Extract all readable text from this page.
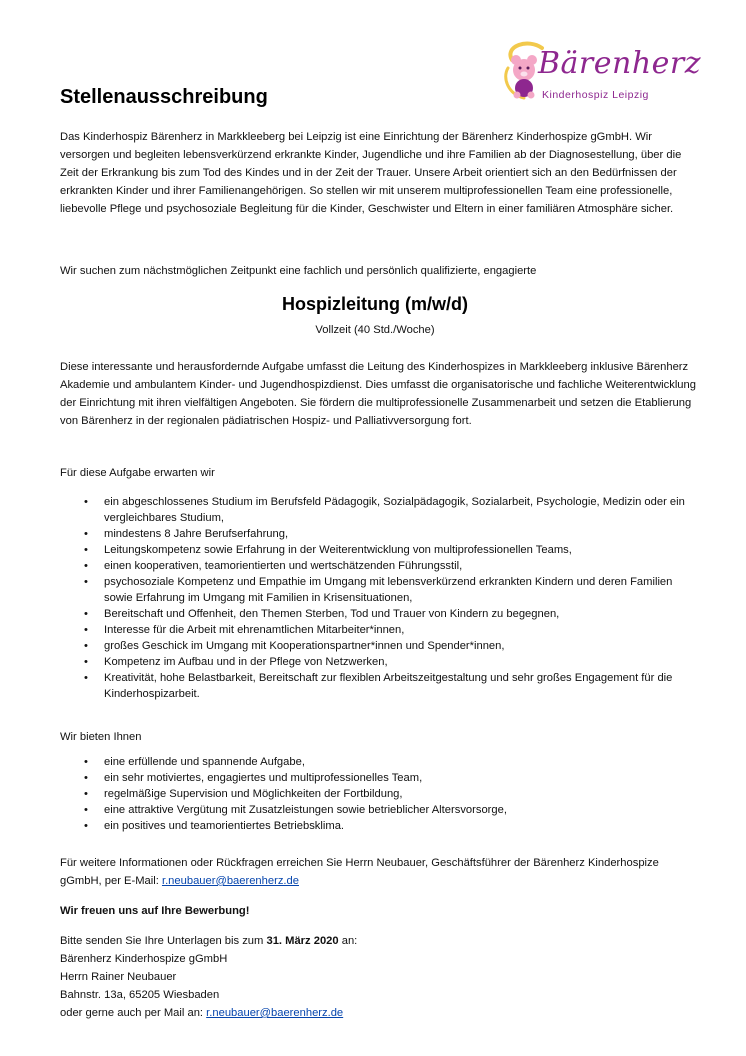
Bärenherz
Kinderhospiz Leipzig
Stellenausschreibung

Das Kinderhospiz Bärenherz in Markkleeberg bei Leipzig ist eine Einrichtung der Bärenherz Kinderhospize gGmbH. Wir versorgen und begleiten lebensverkürzend erkrankte Kinder, Jugendliche und ihre Familien ab der Diagnosestellung, über die Zeit der Erkrankung bis zum Tod des Kindes und in der Zeit der Trauer. Unsere Arbeit orientiert sich an den Bedürfnissen der erkrankten Kinder und ihrer Familienangehörigen. So stellen wir mit unserem multiprofessionellen Team eine professionelle, liebevolle Pflege und psychosoziale Begleitung für die Kinder, Geschwister und Eltern in einer familiären Atmosphäre sicher.

Wir suchen zum nächstmöglichen Zeitpunkt eine fachlich und persönlich qualifizierte, engagierte

Hospizleitung (m/w/d)
Vollzeit (40 Std./Woche)

Diese interessante und herausfordernde Aufgabe umfasst die Leitung des Kinderhospizes in Markkleeberg inklusive Bärenherz Akademie und ambulantem Kinder- und Jugendhospizdienst. Dies umfasst die organisatorische und fachliche Weiterentwicklung der Einrichtung mit ihren vielfältigen Angeboten. Sie fördern die multiprofessionelle Zusammenarbeit und setzen die Etablierung von Bärenherz in der regionalen pädiatrischen Hospiz- und Palliativversorgung fort.

Für diese Aufgabe erwarten wir

• ein abgeschlossenes Studium im Berufsfeld Pädagogik, Sozialpädagogik, Sozialarbeit, Psychologie, Medizin oder ein vergleichbares Studium,
• mindestens 8 Jahre Berufserfahrung,
• Leitungskompetenz sowie Erfahrung in der Weiterentwicklung von multiprofessionellen Teams,
• einen kooperativen, teamorientierten und wertschätzenden Führungsstil,
• psychosoziale Kompetenz und Empathie im Umgang mit lebensverkürzend erkrankten Kindern und deren Familien sowie Erfahrung im Umgang mit Familien in Krisensituationen,
• Bereitschaft und Offenheit, den Themen Sterben, Tod und Trauer von Kindern zu begegnen,
• Interesse für die Arbeit mit ehrenamtlichen Mitarbeiter*innen,
• großes Geschick im Umgang mit Kooperationspartner*innen und Spender*innen,
• Kompetenz im Aufbau und in der Pflege von Netzwerken,
• Kreativität, hohe Belastbarkeit, Bereitschaft zur flexiblen Arbeitszeitgestaltung und sehr großes Engagement für die Kinderhospizarbeit.

Wir bieten Ihnen

• eine erfüllende und spannende Aufgabe,
• ein sehr motiviertes, engagiertes und multiprofessionelles Team,
• regelmäßige Supervision und Möglichkeiten der Fortbildung,
• eine attraktive Vergütung mit Zusatzleistungen sowie betrieblicher Altersvorsorge,
• ein positives und teamorientiertes Betriebsklima.

Für weitere Informationen oder Rückfragen erreichen Sie Herrn Neubauer, Geschäftsführer der Bärenherz Kinderhospize gGmbH, per E-Mail: r.neubauer@baerenherz.de

Wir freuen uns auf Ihre Bewerbung!

Bitte senden Sie Ihre Unterlagen bis zum 31. März 2020 an:
Bärenherz Kinderhospize gGmbH
Herrn Rainer Neubauer
Bahnstr. 13a, 65205 Wiesbaden
oder gerne auch per Mail an: r.neubauer@baerenherz.de
